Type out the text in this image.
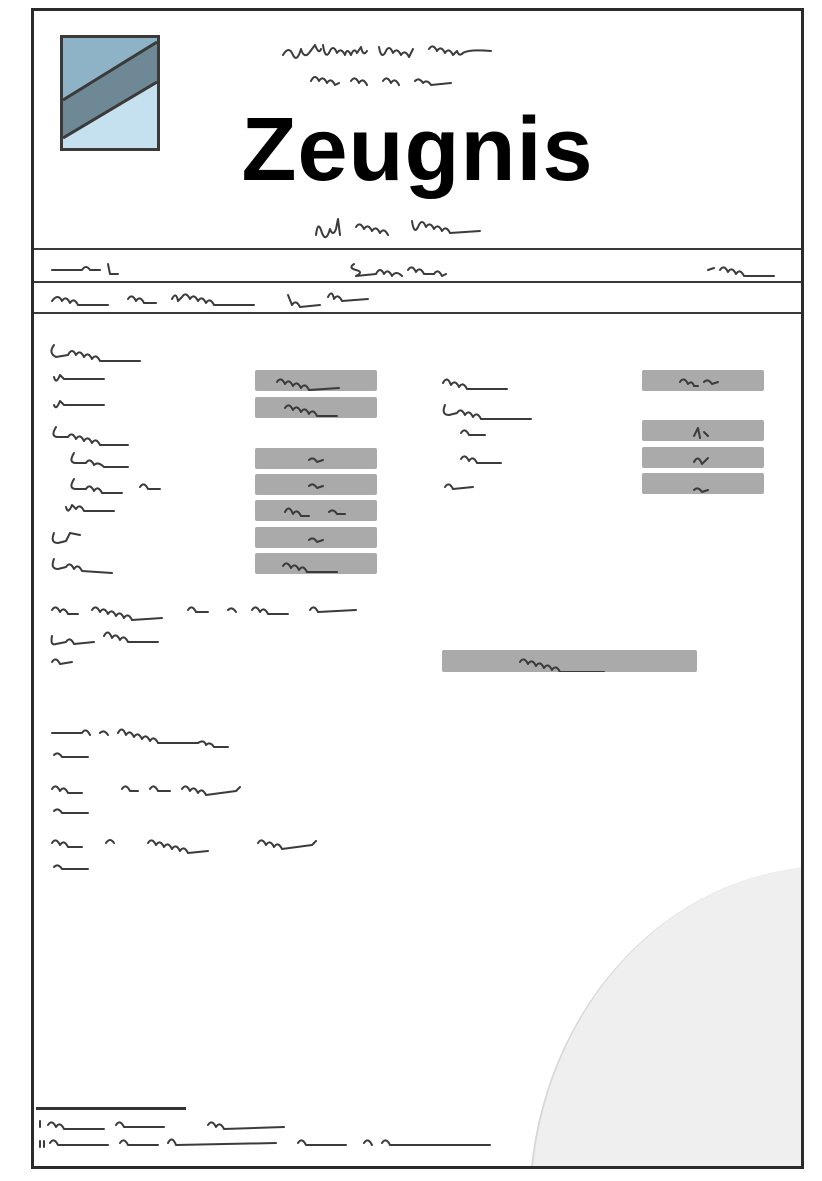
Zeugnis
